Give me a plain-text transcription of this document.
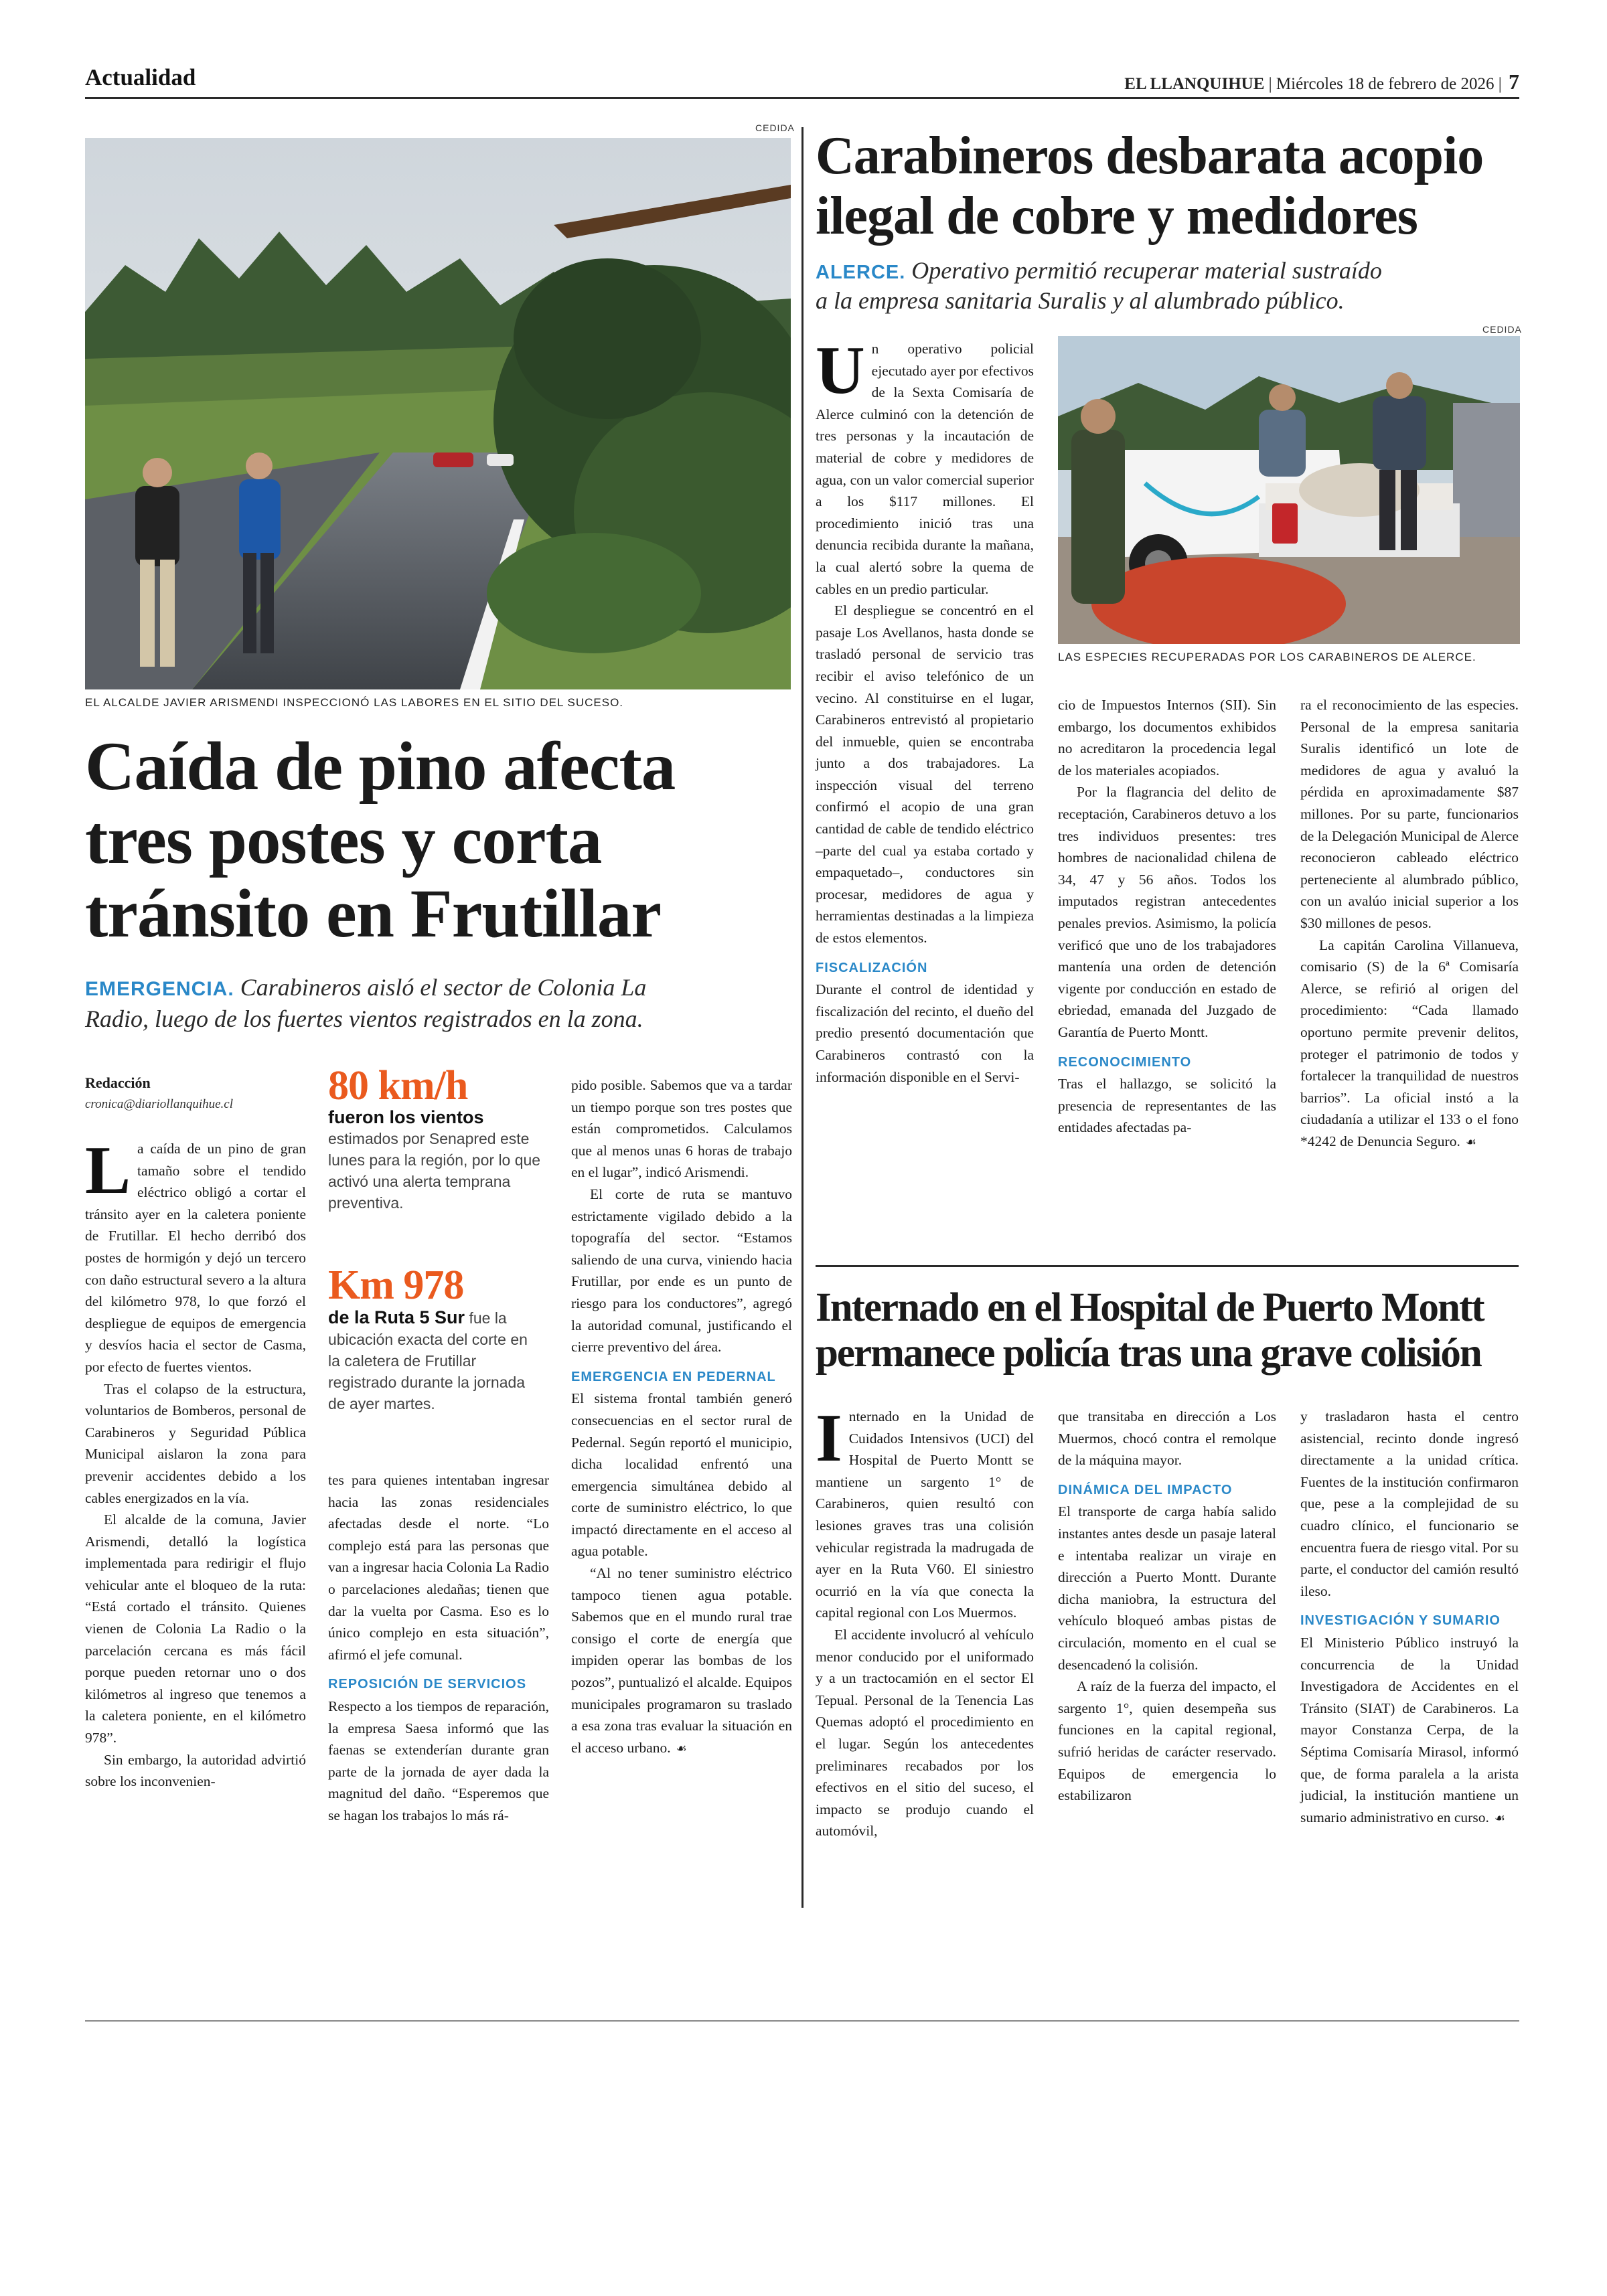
Actualidad	EL LLANQUIHUE | Miércoles 18 de febrero de 2026 | 7
CEDIDA
EL ALCALDE JAVIER ARISMENDI INSPECCIONÓ LAS LABORES EN EL SITIO DEL SUCESO.
Caída de pino afecta
tres postes y corta
tránsito en Frutillar
EMERGENCIA. Carabineros aisló el sector de Colonia La
Radio, luego de los fuertes vientos registrados en la zona.
Redacción
cronica@diariollanquihue.cl

La caída de un pino de gran tamaño sobre el tendido eléctrico obligó a cortar el tránsito ayer en la caletera poniente de Frutillar. El hecho derribó dos postes de hormigón y dejó un tercero con daño estructural severo a la altura del kilómetro 978, lo que forzó el despliegue de equipos de emergencia y desvíos hacia el sector de Casma, por efecto de fuertes vientos.

Tras el colapso de la estructura, voluntarios de Bomberos, personal de Carabineros y Seguridad Pública Municipal aislaron la zona para prevenir accidentes debido a los cables energizados en la vía.

El alcalde de la comuna, Javier Arismendi, detalló la logística implementada para redirigir el flujo vehicular ante el bloqueo de la ruta: “Está cortado el tránsito. Quienes vienen de Colonia La Radio o la parcelación cercana es más fácil porque pueden retornar uno o dos kilómetros al ingreso que tenemos a la caletera poniente, en el kilómetro 978”.

Sin embargo, la autoridad advirtió sobre los inconvenien-

80 km/h
fueron los vientos
estimados por Senapred este lunes para la región, por lo que activó una alerta temprana preventiva.
Km 978
de la Ruta 5 Sur fue la ubicación exacta del corte en la caletera de Frutillar registrado durante la jornada de ayer martes.

tes para quienes intentaban ingresar hacia las zonas residenciales afectadas desde el norte. “Lo complejo está para las personas que van a ingresar hacia Colonia La Radio o parcelaciones aledañas; tienen que dar la vuelta por Casma. Eso es lo único complejo en esta situación”, afirmó el jefe comunal.

REPOSICIÓN DE SERVICIOS

Respecto a los tiempos de reparación, la empresa Saesa informó que las faenas se extenderían durante gran parte de la jornada de ayer dada la magnitud del daño. “Esperemos que se hagan los trabajos lo más rá-

pido posible. Sabemos que va a tardar un tiempo porque son tres postes que están comprometidos. Calculamos que al menos unas 6 horas de trabajo en el lugar”, indicó Arismendi.

El corte de ruta se mantuvo estrictamente vigilado debido a la topografía del sector. “Estamos saliendo de una curva, viniendo hacia Frutillar, por ende es un punto de riesgo para los conductores”, agregó la autoridad comunal, justificando el cierre preventivo del área.

EMERGENCIA EN PEDERNAL

El sistema frontal también generó consecuencias en el sector rural de Pedernal. Según reportó el municipio, dicha localidad enfrentó una emergencia simultánea debido al corte de suministro eléctrico, lo que impactó directamente en el acceso al agua potable.

“Al no tener suministro eléctrico tampoco tienen agua potable. Sabemos que en el mundo rural trae consigo el corte de energía que impiden operar las bombas de los pozos”, puntualizó el alcalde. Equipos municipales programaron su traslado a esa zona tras evaluar la situación en el acceso urbano. ☙

Carabineros desbarata acopio
ilegal de cobre y medidores
ALERCE. Operativo permitió recuperar material sustraído
a la empresa sanitaria Suralis y al alumbrado público.

Un operativo policial ejecutado ayer por efectivos de la Sexta Comisaría de Alerce culminó con la detención de tres personas y la incautación de material de cobre y medidores de agua, con un valor comercial superior a los $117 millones. El procedimiento inició tras una denuncia recibida durante la mañana, la cual alertó sobre la quema de cables en un predio particular.

El despliegue se concentró en el pasaje Los Avellanos, hasta donde se trasladó personal de servicio tras recibir el aviso telefónico de un vecino. Al constituirse en el lugar, Carabineros entrevistó al propietario del inmueble, quien se encontraba junto a dos trabajadores. La inspección visual del terreno confirmó el acopio de una gran cantidad de cable de tendido eléctrico –parte del cual ya estaba cortado y empaquetado–, conductores sin procesar, medidores de agua y herramientas destinadas a la limpieza de estos elementos.

FISCALIZACIÓN

Durante el control de identidad y fiscalización del recinto, el dueño del predio presentó documentación que Carabineros contrastó con la información disponible en el Servi-

CEDIDA
LAS ESPECIES RECUPERADAS POR LOS CARABINEROS DE ALERCE.

cio de Impuestos Internos (SII). Sin embargo, los documentos exhibidos no acreditaron la procedencia legal de los materiales acopiados.

Por la flagrancia del delito de receptación, Carabineros detuvo a los tres individuos presentes: tres hombres de nacionalidad chilena de 34, 47 y 56 años. Todos los imputados registran antecedentes penales previos. Asimismo, la policía verificó que uno de los trabajadores mantenía una orden de detención vigente por conducción en estado de ebriedad, emanada del Juzgado de Garantía de Puerto Montt.

RECONOCIMIENTO

Tras el hallazgo, se solicitó la presencia de representantes de las entidades afectadas pa-

ra el reconocimiento de las especies. Personal de la empresa sanitaria Suralis identificó un lote de medidores de agua y avaluó la pérdida en aproximadamente $87 millones. Por su parte, funcionarios de la Delegación Municipal de Alerce reconocieron cableado eléctrico perteneciente al alumbrado público, con un avalúo inicial superior a los $30 millones de pesos.

La capitán Carolina Villanueva, comisario (S) de la 6ª Comisaría Alerce, se refirió al origen del procedimiento: “Cada llamado oportuno permite prevenir delitos, proteger el patrimonio de todos y fortalecer la tranquilidad de nuestros barrios”. La oficial instó a la ciudadanía a utilizar el 133 o el fono *4242 de Denuncia Seguro. ☙

Internado en el Hospital de Puerto Montt
permanece policía tras una grave colisión

Internado en la Unidad de Cuidados Intensivos (UCI) del Hospital de Puerto Montt se mantiene un sargento 1° de Carabineros, quien resultó con lesiones graves tras una colisión vehicular registrada la madrugada de ayer en la Ruta V60. El siniestro ocurrió en la vía que conecta la capital regional con Los Muermos.

El accidente involucró al vehículo menor conducido por el uniformado y a un tractocamión en el sector El Tepual. Personal de la Tenencia Las Quemas adoptó el procedimiento en el lugar. Según los antecedentes preliminares recabados por los efectivos en el sitio del suceso, el impacto se produjo cuando el automóvil,

que transitaba en dirección a Los Muermos, chocó contra el remolque de la máquina mayor.

DINÁMICA DEL IMPACTO

El transporte de carga había salido instantes antes desde un pasaje lateral e intentaba realizar un viraje en dirección a Puerto Montt. Durante dicha maniobra, la estructura del vehículo bloqueó ambas pistas de circulación, momento en el cual se desencadenó la colisión.

A raíz de la fuerza del impacto, el sargento 1°, quien desempeña sus funciones en la capital regional, sufrió heridas de carácter reservado. Equipos de emergencia lo estabilizaron

y trasladaron hasta el centro asistencial, recinto donde ingresó directamente a la unidad crítica. Fuentes de la institución confirmaron que, pese a la complejidad de su cuadro clínico, el funcionario se encuentra fuera de riesgo vital. Por su parte, el conductor del camión resultó ileso.

INVESTIGACIÓN Y SUMARIO

El Ministerio Público instruyó la concurrencia de la Unidad Investigadora de Accidentes en el Tránsito (SIAT) de Carabineros. La mayor Constanza Cerpa, de la Séptima Comisaría Mirasol, informó que, de forma paralela a la arista judicial, la institución mantiene un sumario administrativo en curso. ☙
